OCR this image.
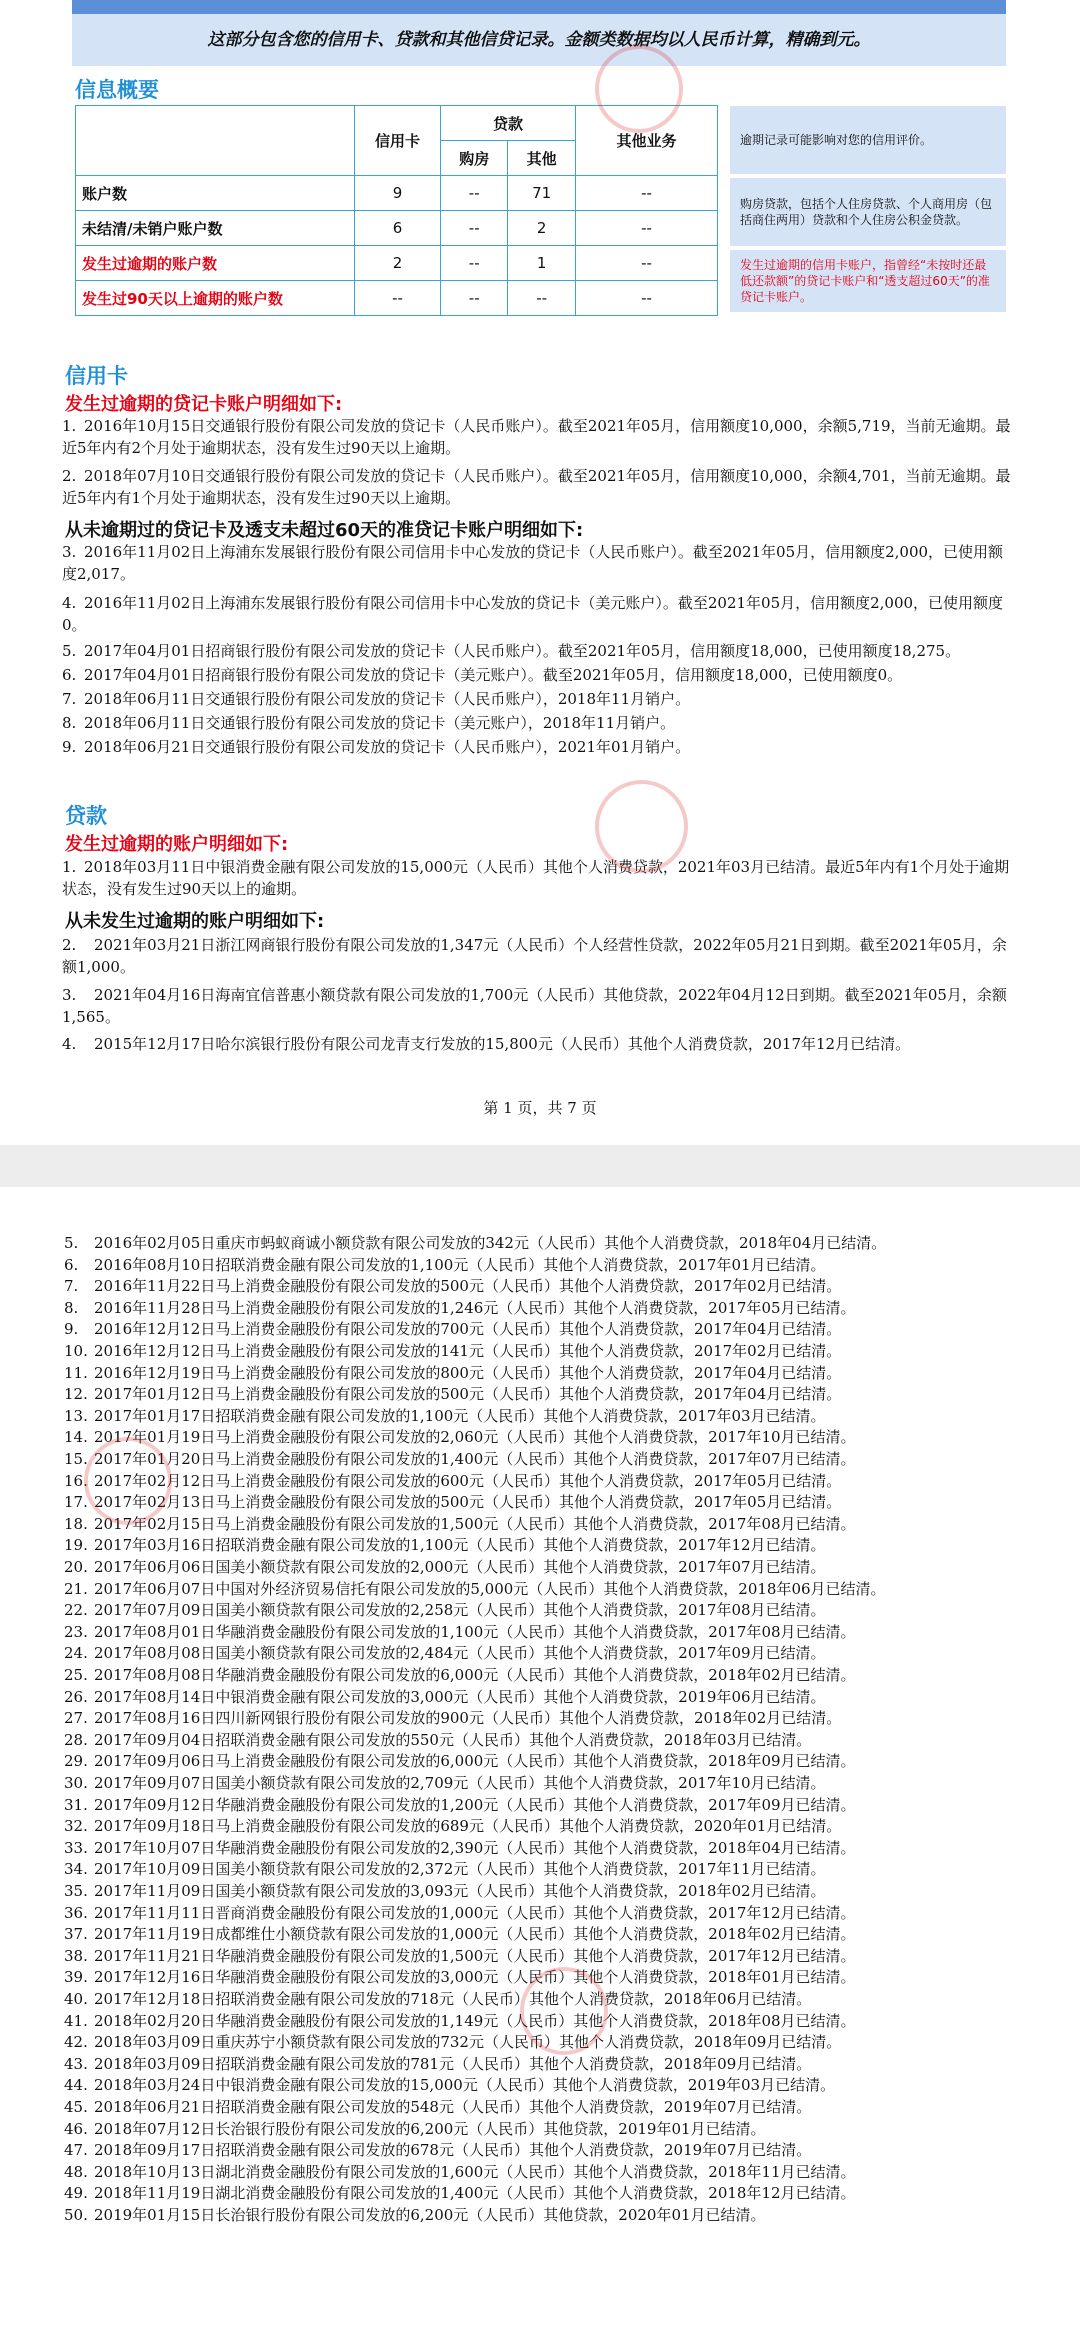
这部分包含您的信用卡、贷款和其他信贷记录。金额类数据均以人民币计算，精确到元。
信息概要
	信用卡	贷款		其他业务
		购房	其他	
账户数	9	--	71	--
未结清/未销户账户数	6	--	2	--
发生过逾期的账户数	2	--	1	--
发生过90天以上逾期的账户数	--	--	--	--
逾期记录可能影响对您的信用评价。
购房贷款，包括个人住房贷款、个人商用房（包括商住两用）贷款和个人住房公积金贷款。
发生过逾期的信用卡账户，指曾经“未按时还最低还款额”的贷记卡账户和“透支超过60天”的准贷记卡账户。
信用卡
发生过逾期的贷记卡账户明细如下:
1. 2016年10月15日交通银行股份有限公司发放的贷记卡（人民币账户）。截至2021年05月，信用额度10,000，余额5,719，当前无逾期。最近5年内有2个月处于逾期状态，没有发生过90天以上逾期。
2. 2018年07月10日交通银行股份有限公司发放的贷记卡（人民币账户）。截至2021年05月，信用额度10,000，余额4,701，当前无逾期。最近5年内有1个月处于逾期状态，没有发生过90天以上逾期。
从未逾期过的贷记卡及透支未超过60天的准贷记卡账户明细如下:
3. 2016年11月02日上海浦东发展银行股份有限公司信用卡中心发放的贷记卡（人民币账户）。截至2021年05月，信用额度2,000，已使用额度2,017。
4. 2016年11月02日上海浦东发展银行股份有限公司信用卡中心发放的贷记卡（美元账户）。截至2021年05月，信用额度2,000，已使用额度0。
5. 2017年04月01日招商银行股份有限公司发放的贷记卡（人民币账户）。截至2021年05月，信用额度18,000，已使用额度18,275。
6. 2017年04月01日招商银行股份有限公司发放的贷记卡（美元账户）。截至2021年05月，信用额度18,000，已使用额度0。
7. 2018年06月11日交通银行股份有限公司发放的贷记卡（人民币账户），2018年11月销户。
8. 2018年06月11日交通银行股份有限公司发放的贷记卡（美元账户），2018年11月销户。
9. 2018年06月21日交通银行股份有限公司发放的贷记卡（人民币账户），2021年01月销户。
贷款
发生过逾期的账户明细如下:
1. 2018年03月11日中银消费金融有限公司发放的15,000元（人民币）其他个人消费贷款，2021年03月已结清。最近5年内有1个月处于逾期状态，没有发生过90天以上的逾期。
从未发生过逾期的账户明细如下:
2. 2021年03月21日浙江网商银行股份有限公司发放的1,347元（人民币）个人经营性贷款，2022年05月21日到期。截至2021年05月，余额1,000。
3. 2021年04月16日海南宜信普惠小额贷款有限公司发放的1,700元（人民币）其他贷款，2022年04月12日到期。截至2021年05月，余额1,565。
4. 2015年12月17日哈尔滨银行股份有限公司龙青支行发放的15,800元（人民币）其他个人消费贷款，2017年12月已结清。
第 1 页，共 7 页
5. 2016年02月05日重庆市蚂蚁商诚小额贷款有限公司发放的342元（人民币）其他个人消费贷款，2018年04月已结清。
6. 2016年08月10日招联消费金融有限公司发放的1,100元（人民币）其他个人消费贷款，2017年01月已结清。
7. 2016年11月22日马上消费金融股份有限公司发放的500元（人民币）其他个人消费贷款，2017年02月已结清。
8. 2016年11月28日马上消费金融股份有限公司发放的1,246元（人民币）其他个人消费贷款，2017年05月已结清。
9. 2016年12月12日马上消费金融股份有限公司发放的700元（人民币）其他个人消费贷款，2017年04月已结清。
10. 2016年12月12日马上消费金融股份有限公司发放的141元（人民币）其他个人消费贷款，2017年02月已结清。
11. 2016年12月19日马上消费金融股份有限公司发放的800元（人民币）其他个人消费贷款，2017年04月已结清。
12. 2017年01月12日马上消费金融股份有限公司发放的500元（人民币）其他个人消费贷款，2017年04月已结清。
13. 2017年01月17日招联消费金融有限公司发放的1,100元（人民币）其他个人消费贷款，2017年03月已结清。
14. 2017年01月19日马上消费金融股份有限公司发放的2,060元（人民币）其他个人消费贷款，2017年10月已结清。
15. 2017年01月20日马上消费金融股份有限公司发放的1,400元（人民币）其他个人消费贷款，2017年07月已结清。
16. 2017年02月12日马上消费金融股份有限公司发放的600元（人民币）其他个人消费贷款，2017年05月已结清。
17. 2017年02月13日马上消费金融股份有限公司发放的500元（人民币）其他个人消费贷款，2017年05月已结清。
18. 2017年02月15日马上消费金融股份有限公司发放的1,500元（人民币）其他个人消费贷款，2017年08月已结清。
19. 2017年03月16日招联消费金融有限公司发放的1,100元（人民币）其他个人消费贷款，2017年12月已结清。
20. 2017年06月06日国美小额贷款有限公司发放的2,000元（人民币）其他个人消费贷款，2017年07月已结清。
21. 2017年06月07日中国对外经济贸易信托有限公司发放的5,000元（人民币）其他个人消费贷款，2018年06月已结清。
22. 2017年07月09日国美小额贷款有限公司发放的2,258元（人民币）其他个人消费贷款，2017年08月已结清。
23. 2017年08月01日华融消费金融股份有限公司发放的1,100元（人民币）其他个人消费贷款，2017年08月已结清。
24. 2017年08月08日国美小额贷款有限公司发放的2,484元（人民币）其他个人消费贷款，2017年09月已结清。
25. 2017年08月08日华融消费金融股份有限公司发放的6,000元（人民币）其他个人消费贷款，2018年02月已结清。
26. 2017年08月14日中银消费金融有限公司发放的3,000元（人民币）其他个人消费贷款，2019年06月已结清。
27. 2017年08月16日四川新网银行股份有限公司发放的900元（人民币）其他个人消费贷款，2018年02月已结清。
28. 2017年09月04日招联消费金融有限公司发放的550元（人民币）其他个人消费贷款，2018年03月已结清。
29. 2017年09月06日马上消费金融股份有限公司发放的6,000元（人民币）其他个人消费贷款，2018年09月已结清。
30. 2017年09月07日国美小额贷款有限公司发放的2,709元（人民币）其他个人消费贷款，2017年10月已结清。
31. 2017年09月12日华融消费金融股份有限公司发放的1,200元（人民币）其他个人消费贷款，2017年09月已结清。
32. 2017年09月18日马上消费金融股份有限公司发放的689元（人民币）其他个人消费贷款，2020年01月已结清。
33. 2017年10月07日华融消费金融股份有限公司发放的2,390元（人民币）其他个人消费贷款，2018年04月已结清。
34. 2017年10月09日国美小额贷款有限公司发放的2,372元（人民币）其他个人消费贷款，2017年11月已结清。
35. 2017年11月09日国美小额贷款有限公司发放的3,093元（人民币）其他个人消费贷款，2018年02月已结清。
36. 2017年11月11日晋商消费金融股份有限公司发放的1,000元（人民币）其他个人消费贷款，2017年12月已结清。
37. 2017年11月19日成都维仕小额贷款有限公司发放的1,000元（人民币）其他个人消费贷款，2018年02月已结清。
38. 2017年11月21日华融消费金融股份有限公司发放的1,500元（人民币）其他个人消费贷款，2017年12月已结清。
39. 2017年12月16日华融消费金融股份有限公司发放的3,000元（人民币）其他个人消费贷款，2018年01月已结清。
40. 2017年12月18日招联消费金融有限公司发放的718元（人民币）其他个人消费贷款，2018年06月已结清。
41. 2018年02月20日华融消费金融股份有限公司发放的1,149元（人民币）其他个人消费贷款，2018年08月已结清。
42. 2018年03月09日重庆苏宁小额贷款有限公司发放的732元（人民币）其他个人消费贷款，2018年09月已结清。
43. 2018年03月09日招联消费金融有限公司发放的781元（人民币）其他个人消费贷款，2018年09月已结清。
44. 2018年03月24日中银消费金融有限公司发放的15,000元（人民币）其他个人消费贷款，2019年03月已结清。
45. 2018年06月21日招联消费金融有限公司发放的548元（人民币）其他个人消费贷款，2019年07月已结清。
46. 2018年07月12日长治银行股份有限公司发放的6,200元（人民币）其他贷款，2019年01月已结清。
47. 2018年09月17日招联消费金融有限公司发放的678元（人民币）其他个人消费贷款，2019年07月已结清。
48. 2018年10月13日湖北消费金融股份有限公司发放的1,600元（人民币）其他个人消费贷款，2018年11月已结清。
49. 2018年11月19日湖北消费金融股份有限公司发放的1,400元（人民币）其他个人消费贷款，2018年12月已结清。
50. 2019年01月15日长治银行股份有限公司发放的6,200元（人民币）其他贷款，2020年01月已结清。
